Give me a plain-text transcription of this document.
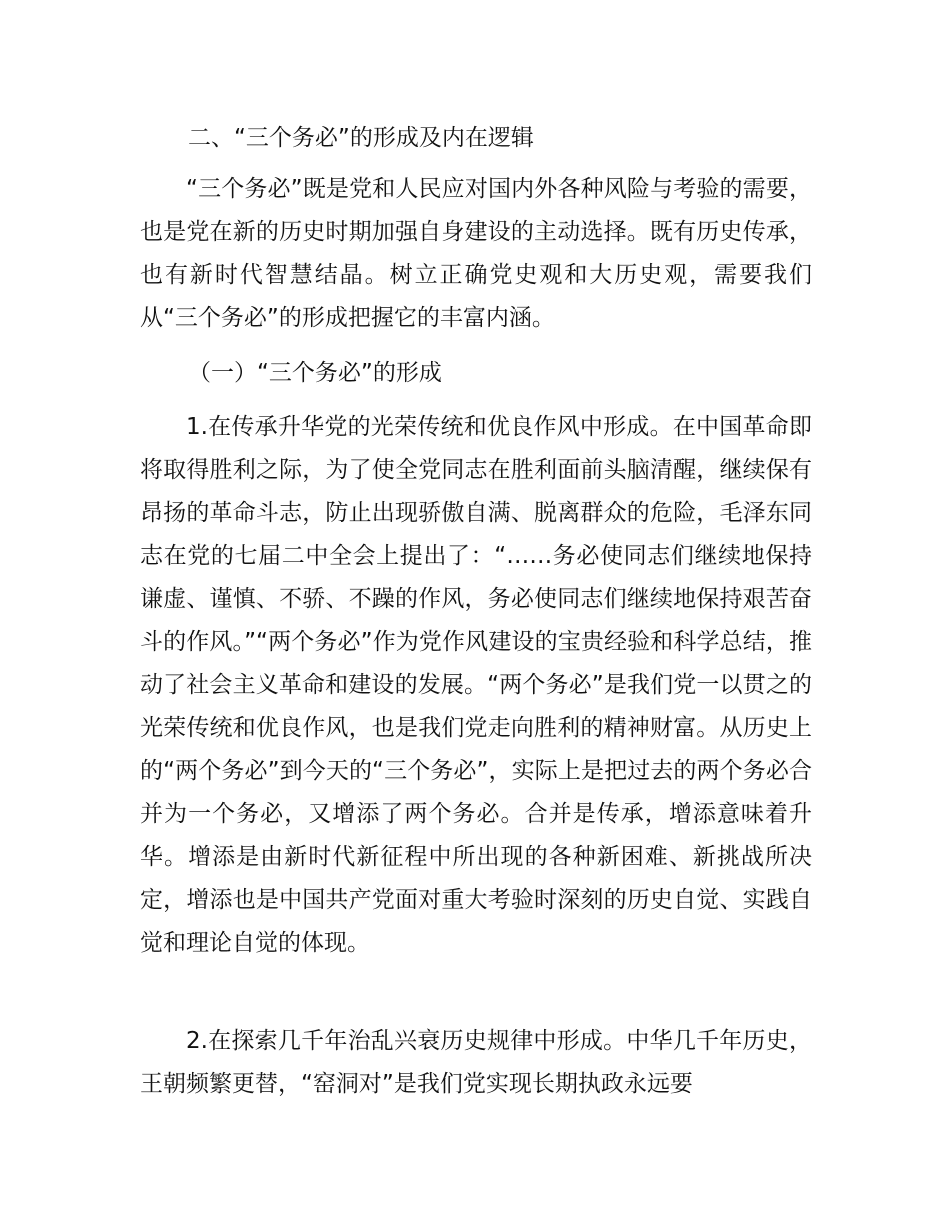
二、“三个务必”的形成及内在逻辑

“三个务必”既是党和人民应对国内外各种风险与考验的需要，也是党在新的历史时期加强自身建设的主动选择。既有历史传承，也有新时代智慧结晶。树立正确党史观和大历史观，需要我们从“三个务必”的形成把握它的丰富内涵。

（一）“三个务必”的形成

1.在传承升华党的光荣传统和优良作风中形成。在中国革命即将取得胜利之际，为了使全党同志在胜利面前头脑清醒，继续保有昂扬的革命斗志，防止出现骄傲自满、脱离群众的危险，毛泽东同志在党的七届二中全会上提出了：“……务必使同志们继续地保持谦虚、谨慎、不骄、不躁的作风，务必使同志们继续地保持艰苦奋斗的作风。”“两个务必”作为党作风建设的宝贵经验和科学总结，推动了社会主义革命和建设的发展。“两个务必”是我们党一以贯之的光荣传统和优良作风，也是我们党走向胜利的精神财富。从历史上的“两个务必”到今天的“三个务必”，实际上是把过去的两个务必合并为一个务必，又增添了两个务必。合并是传承，增添意味着升华。增添是由新时代新征程中所出现的各种新困难、新挑战所决定，增添也是中国共产党面对重大考验时深刻的历史自觉、实践自觉和理论自觉的体现。

2.在探索几千年治乱兴衰历史规律中形成。中华几千年历史，王朝频繁更替，“窑洞对”是我们党实现长期执政永远要
